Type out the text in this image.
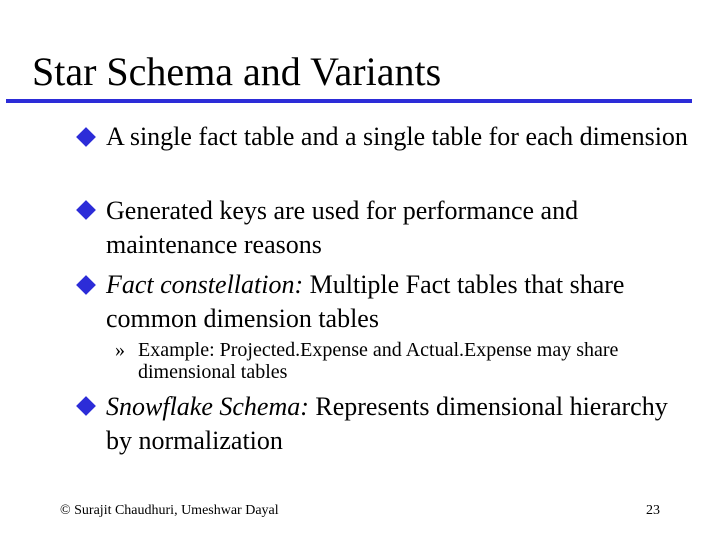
Star Schema and Variants
A single fact table and a single table for each dimension
Generated keys are used for performance and maintenance reasons
Fact constellation: Multiple Fact tables that share common dimension tables
» Example: Projected.Expense and Actual.Expense may share dimensional tables
Snowflake Schema: Represents dimensional hierarchy by normalization
© Surajit Chaudhuri, Umeshwar Dayal	23
